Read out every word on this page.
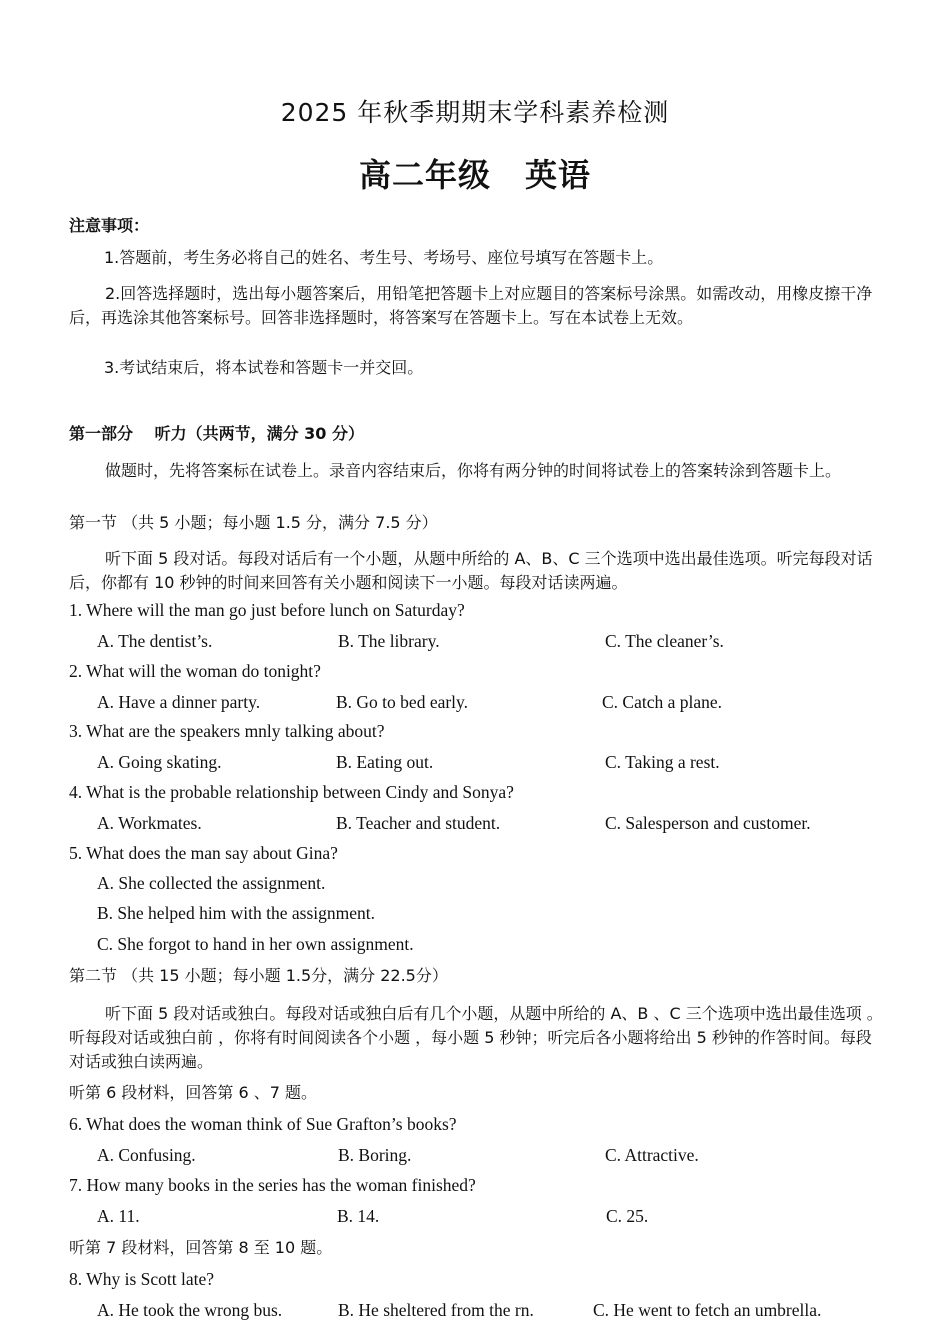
2025 年秋季期期末学科素养检测
高二年级 英语
注意事项：
1.答题前，考生务必将自己的姓名、考生号、考场号、座位号填写在答题卡上。
2.回答选择题时，选出每小题答案后，用铅笔把答题卡上对应题目的答案标号涂黑。如需改动，用橡皮擦干净后，再选涂其他答案标号。回答非选择题时，将答案写在答题卡上。写在本试卷上无效。
3.考试结束后，将本试卷和答题卡一并交回。
第一部分　 听力（共两节，满分 30 分）
做题时，先将答案标在试卷上。录音内容结束后，你将有两分钟的时间将试卷上的答案转涂到答题卡上。
第一节 （共 5 小题；每小题 1.5 分，满分 7.5 分）
听下面 5 段对话。每段对话后有一个小题，从题中所给的 A、B、C 三个选项中选出最佳选项。听完每段对话后，你都有 10 秒钟的时间来回答有关小题和阅读下一小题。每段对话读两遍。
1. Where will the man go just before lunch on Saturday?
A. The dentist’s.	B. The library.	C. The cleaner’s.
2. What will the woman do tonight?
A. Have a dinner party.	B. Go to bed early.	C. Catch a plane.
3. What are the speakers mnly talking about?
A. Going skating.	B. Eating out.	C. Taking a rest.
4. What is the probable relationship between Cindy and Sonya?
A. Workmates.	B. Teacher and student.	C. Salesperson and customer.
5. What does the man say about Gina?
A. She collected the assignment.
B. She helped him with the assignment.
C. She forgot to hand in her own assignment.
第二节 （共 15 小题；每小题 1.5分，满分 22.5分）
听下面 5 段对话或独白。每段对话或独白后有几个小题，从题中所给的 A、B 、C 三个选项中选出最佳选项 。听每段对话或独白前 ，你将有时间阅读各个小题 ，每小题 5 秒钟；听完后各小题将给出 5 秒钟的作答时间。每段对话或独白读两遍。
听第 6 段材料，回答第 6 、7 题。
6. What does the woman think of Sue Grafton’s books?
A. Confusing.	B. Boring.	C. Attractive.
7. How many books in the series has the woman finished?
A. 11.	B. 14.	C. 25.
听第 7 段材料，回答第 8 至 10 题。
8. Why is Scott late?
A. He took the wrong bus.	B. He sheltered from the rn.	C. He went to fetch an umbrella.
